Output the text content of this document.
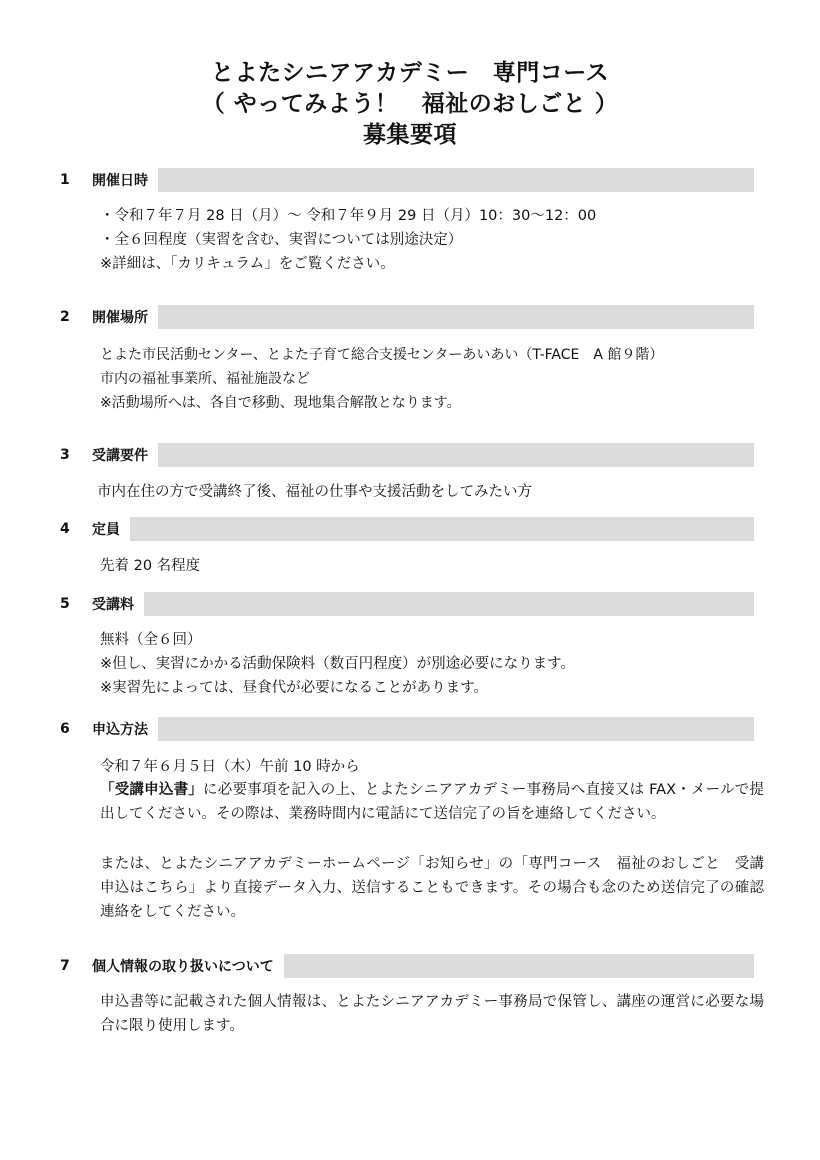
とよたシニアアカデミー　専門コース
（ やってみよう！　福祉のおしごと ）
募集要項
1	開催日時
・令和７年７月 28 日（月）～ 令和７年９月 29 日（月）10：30～12：00
・全６回程度（実習を含む、実習については別途決定）
※詳細は、「カリキュラム」をご覧ください。
2	開催場所
とよた市民活動センター、とよた子育て総合支援センターあいあい（T-FACE　A 館９階）
市内の福祉事業所、福祉施設など
※活動場所へは、各自で移動、現地集合解散となります。
3	受講要件
市内在住の方で受講終了後、福祉の仕事や支援活動をしてみたい方
4	定員
先着 20 名程度
5	受講料
無料（全６回）
※但し、実習にかかる活動保険料（数百円程度）が別途必要になります。
※実習先によっては、昼食代が必要になることがあります。
6	申込方法
令和７年６月５日（木）午前 10 時から
「受講申込書」に必要事項を記入の上、とよたシニアアカデミー事務局へ直接又は FAX・メールで提出してください。その際は、業務時間内に電話にて送信完了の旨を連絡してください。
または、とよたシニアアカデミーホームページ「お知らせ」の「専門コース　福祉のおしごと　受講申込はこちら」より直接データ入力、送信することもできます。その場合も念のため送信完了の確認連絡をしてください。
7	個人情報の取り扱いについて
申込書等に記載された個人情報は、とよたシニアアカデミー事務局で保管し、講座の運営に必要な場合に限り使用します。
